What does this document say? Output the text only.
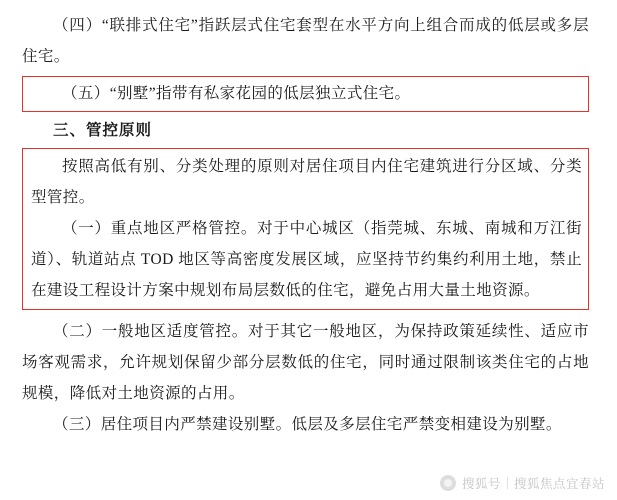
（四）“联排式住宅”指跃层式住宅套型在水平方向上组合而成的低层或多层住宅。

（五）“别墅”指带有私家花园的低层独立式住宅。

三、管控原则

按照高低有别、分类处理的原则对居住项目内住宅建筑进行分区域、分类型管控。

（一）重点地区严格管控。对于中心城区（指莞城、东城、南城和万江街道）、轨道站点 TOD 地区等高密度发展区域，应坚持节约集约利用土地，禁止在建设工程设计方案中规划布局层数低的住宅，避免占用大量土地资源。

（二）一般地区适度管控。对于其它一般地区，为保持政策延续性、适应市场客观需求，允许规划保留少部分层数低的住宅，同时通过限制该类住宅的占地规模，降低对土地资源的占用。

（三）居住项目内严禁建设别墅。低层及多层住宅严禁变相建设为别墅。

搜狐号｜搜狐焦点宜春站
